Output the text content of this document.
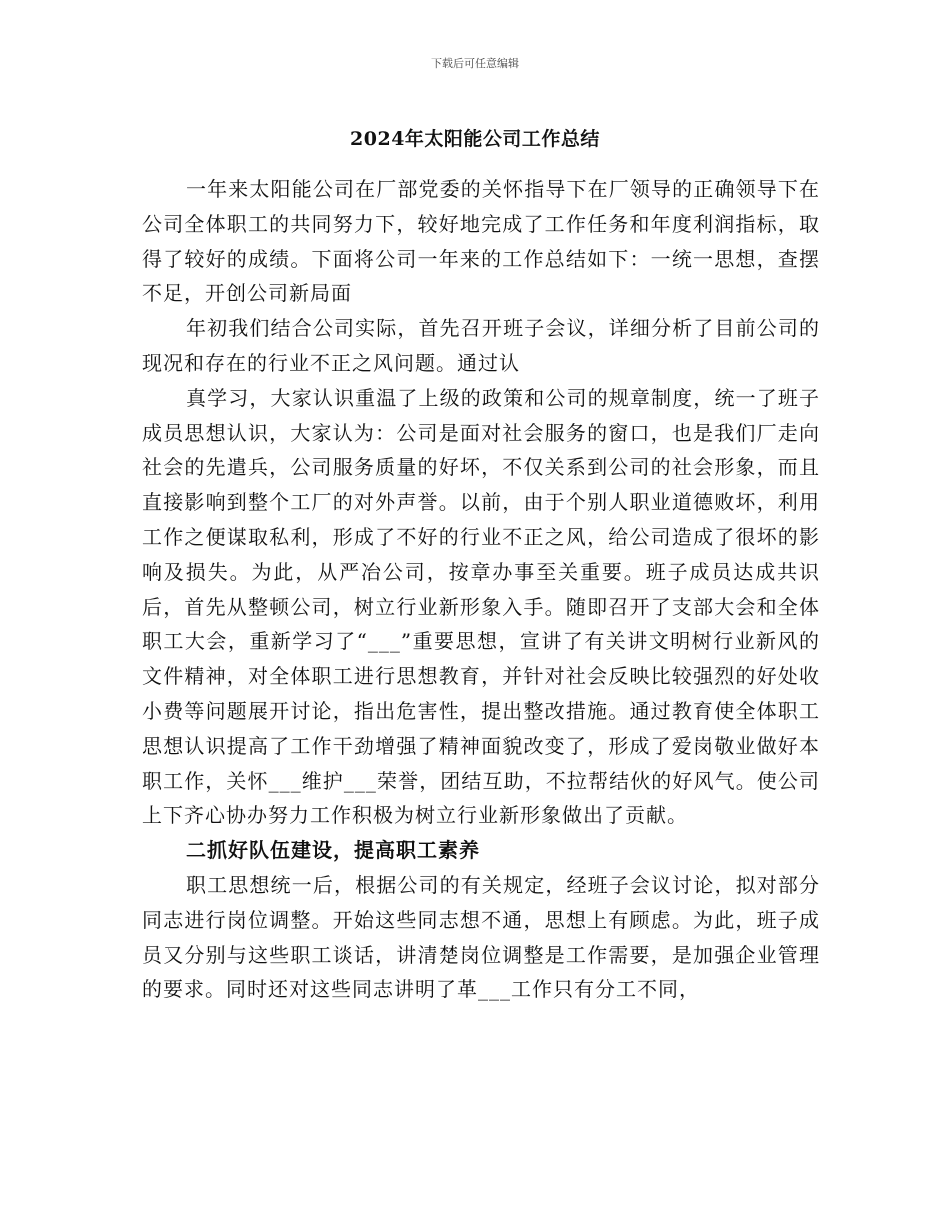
下载后可任意编辑
2024年太阳能公司工作总结

一年来太阳能公司在厂部党委的关怀指导下在厂领导的正确领导下在公司全体职工的共同努力下，较好地完成了工作任务和年度利润指标，取得了较好的成绩。下面将公司一年来的工作总结如下：一统一思想，查摆不足，开创公司新局面

年初我们结合公司实际，首先召开班子会议，详细分析了目前公司的现况和存在的行业不正之风问题。通过认

真学习，大家认识重温了上级的政策和公司的规章制度，统一了班子成员思想认识，大家认为：公司是面对社会服务的窗口，也是我们厂走向社会的先遣兵，公司服务质量的好坏，不仅关系到公司的社会形象，而且直接影响到整个工厂的对外声誉。以前，由于个别人职业道德败坏，利用工作之便谋取私利，形成了不好的行业不正之风，给公司造成了很坏的影响及损失。为此，从严冶公司，按章办事至关重要。班子成员达成共识后，首先从整顿公司，树立行业新形象入手。随即召开了支部大会和全体职工大会，重新学习了“___”重要思想，宣讲了有关讲文明树行业新风的文件精神，对全体职工进行思想教育，并针对社会反映比较强烈的好处收小费等问题展开讨论，指出危害性，提出整改措施。通过教育使全体职工思想认识提高了工作干劲增强了精神面貌改变了，形成了爱岗敬业做好本职工作，关怀___维护___荣誉，团结互助，不拉帮结伙的好风气。使公司上下齐心协办努力工作积极为树立行业新形象做出了贡献。

二抓好队伍建设，提高职工素养

职工思想统一后，根据公司的有关规定，经班子会议讨论，拟对部分同志进行岗位调整。开始这些同志想不通，思想上有顾虑。为此，班子成员又分别与这些职工谈话，讲清楚岗位调整是工作需要，是加强企业管理的要求。同时还对这些同志讲明了革___工作只有分工不同，
